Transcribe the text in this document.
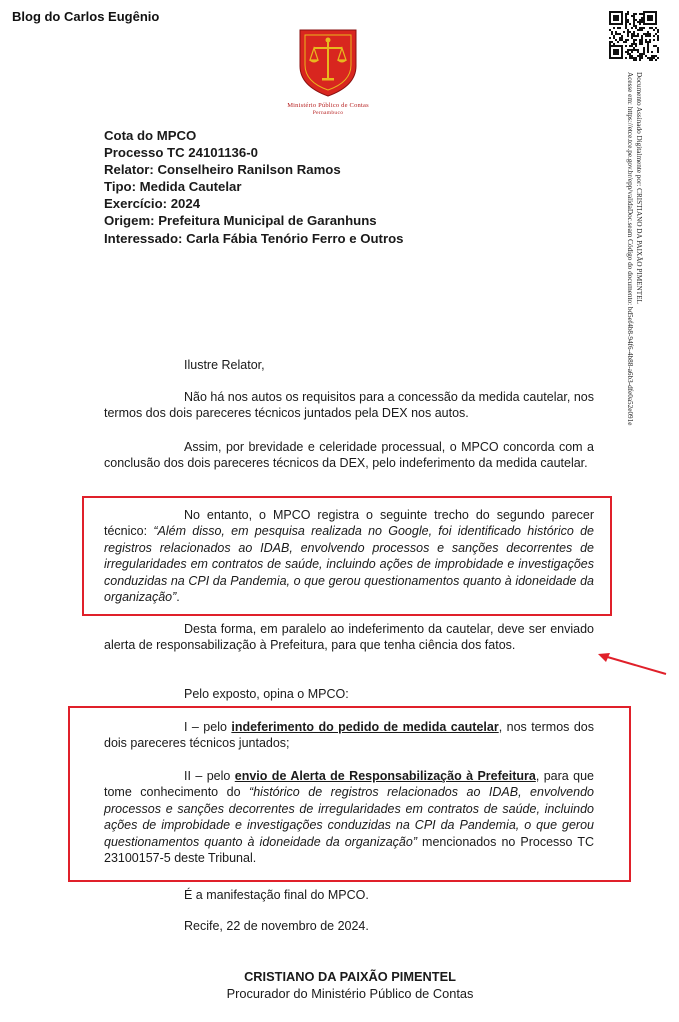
Blog do Carlos Eugênio
Ministério Público de Contas
Pernambuco	Documento Assinado Digitalmente por: CRISTIANO DA PAIXÃO PIMENTEL
Acesse em: https://etce.tce.pe.gov.br/epp/validaDoc.seam Código do documento: bd5ef4b8-94f6-4b88-a6b3-dfe0a52e091e
Cota do MPCO
Processo TC 24101136-0
Relator: Conselheiro Ranilson Ramos
Tipo: Medida Cautelar
Exercício: 2024
Origem: Prefeitura Municipal de Garanhuns
Interessado: Carla Fábia Tenório Ferro e Outros
Ilustre Relator,
Não há nos autos os requisitos para a concessão da medida cautelar, nos termos dos dois pareceres técnicos juntados pela DEX nos autos.
Assim, por brevidade e celeridade processual, o MPCO concorda com a conclusão dos dois pareceres técnicos da DEX, pelo indeferimento da medida cautelar.
No entanto, o MPCO registra o seguinte trecho do segundo parecer técnico: “Além disso, em pesquisa realizada no Google, foi identificado histórico de registros relacionados ao IDAB, envolvendo processos e sanções decorrentes de irregularidades em contratos de saúde, incluindo ações de improbidade e investigações conduzidas na CPI da Pandemia, o que gerou questionamentos quanto à idoneidade da organização”.
Desta forma, em paralelo ao indeferimento da cautelar, deve ser enviado alerta de responsabilização à Prefeitura, para que tenha ciência dos fatos.
Pelo exposto, opina o MPCO:
I – pelo indeferimento do pedido de medida cautelar, nos termos dos dois pareceres técnicos juntados;
II – pelo envio de Alerta de Responsabilização à Prefeitura, para que tome conhecimento do “histórico de registros relacionados ao IDAB, envolvendo processos e sanções decorrentes de irregularidades em contratos de saúde, incluindo ações de improbidade e investigações conduzidas na CPI da Pandemia, o que gerou questionamentos quanto à idoneidade da organização” mencionados no Processo TC 23100157-5 deste Tribunal.
É a manifestação final do MPCO.
Recife, 22 de novembro de 2024.
CRISTIANO DA PAIXÃO PIMENTEL
Procurador do Ministério Público de Contas
